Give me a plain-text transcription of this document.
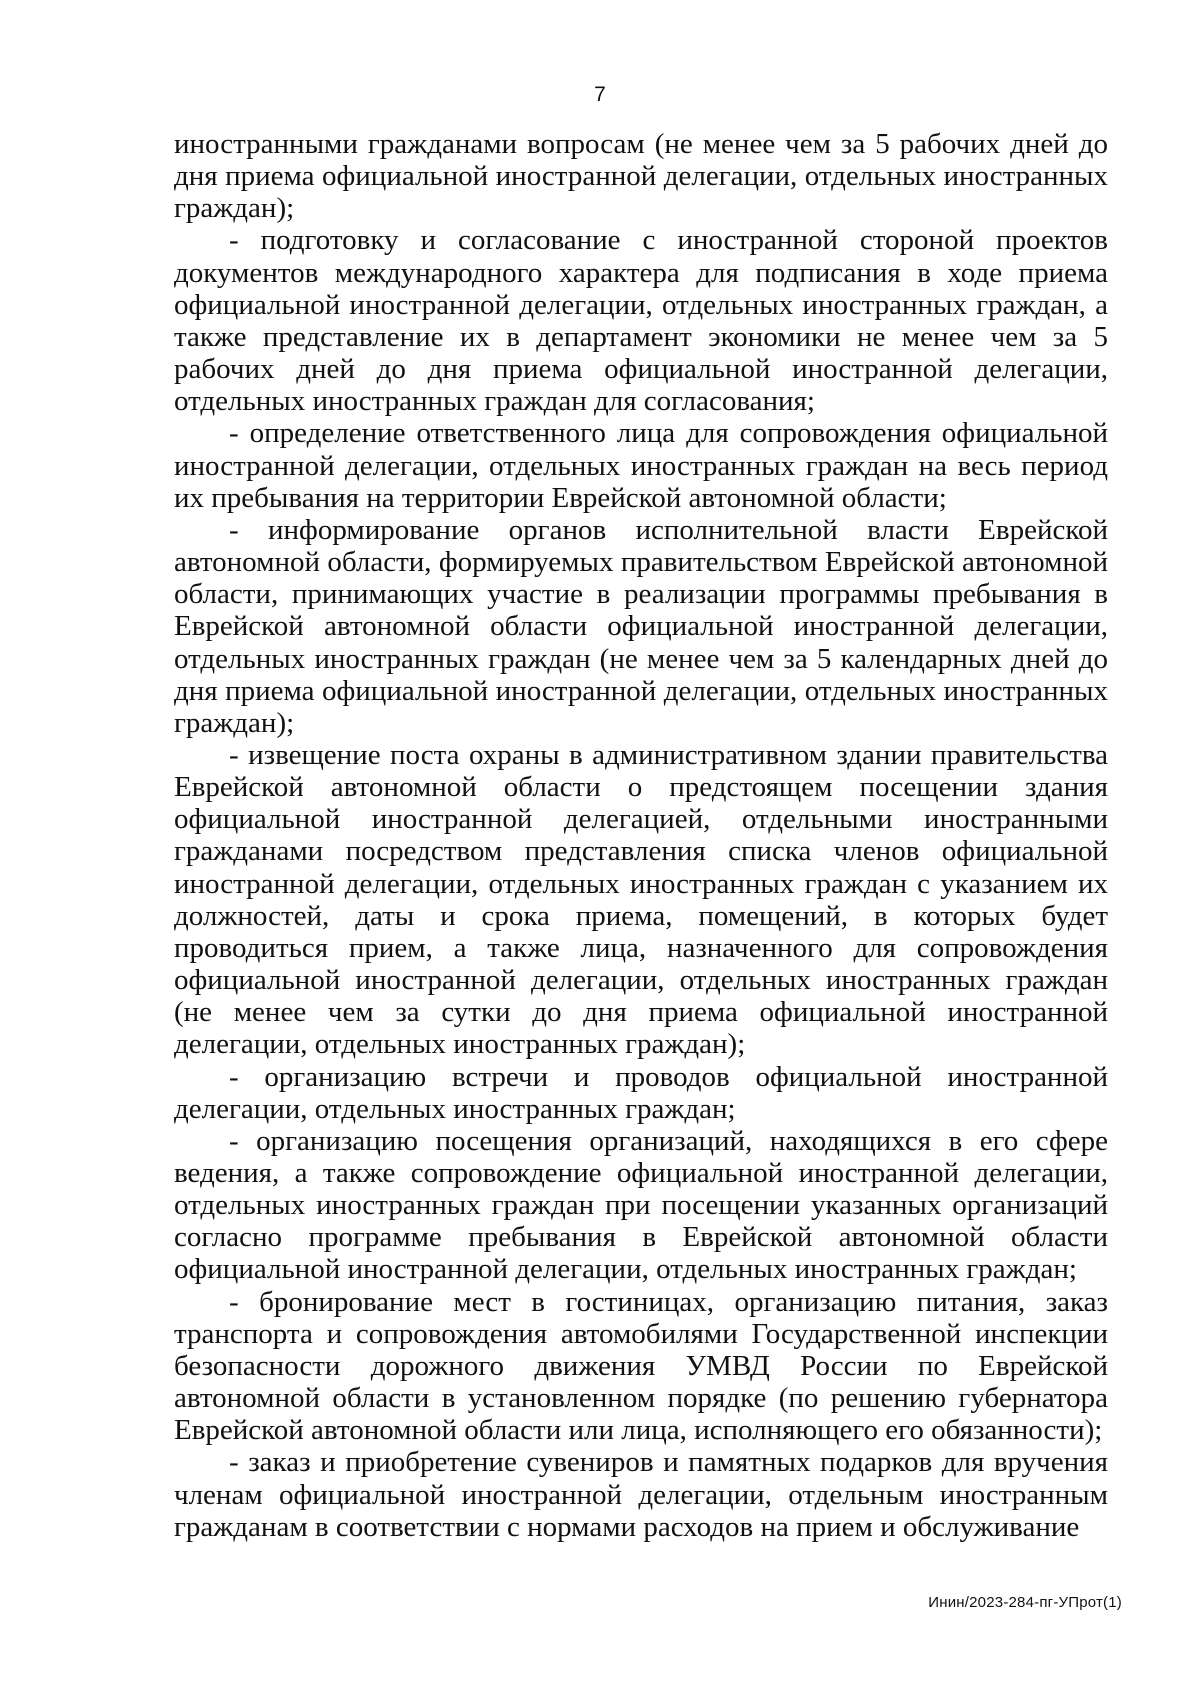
7

иностранными гражданами вопросам (не менее чем за 5 рабочих дней до дня приема официальной иностранной делегации, отдельных иностранных граждан);

- подготовку и согласование с иностранной стороной проектов документов международного характера для подписания в ходе приема официальной иностранной делегации, отдельных иностранных граждан, а также представление их в департамент экономики не менее чем за 5 рабочих дней до дня приема официальной иностранной делегации, отдельных иностранных граждан для согласования;

- определение ответственного лица для сопровождения официальной иностранной делегации, отдельных иностранных граждан на весь период их пребывания на территории Еврейской автономной области;

- информирование органов исполнительной власти Еврейской автономной области, формируемых правительством Еврейской автономной области, принимающих участие в реализации программы пребывания в Еврейской автономной области официальной иностранной делегации, отдельных иностранных граждан (не менее чем за 5 календарных дней до дня приема официальной иностранной делегации, отдельных иностранных граждан);

- извещение поста охраны в административном здании правительства Еврейской автономной области о предстоящем посещении здания официальной иностранной делегацией, отдельными иностранными гражданами посредством представления списка членов официальной иностранной делегации, отдельных иностранных граждан с указанием их должностей, даты и срока приема, помещений, в которых будет проводиться прием, а также лица, назначенного для сопровождения официальной иностранной делегации, отдельных иностранных граждан (не менее чем за сутки до дня приема официальной иностранной делегации, отдельных иностранных граждан);

- организацию встречи и проводов официальной иностранной делегации, отдельных иностранных граждан;

- организацию посещения организаций, находящихся в его сфере ведения, а также сопровождение официальной иностранной делегации, отдельных иностранных граждан при посещении указанных организаций согласно программе пребывания в Еврейской автономной области официальной иностранной делегации, отдельных иностранных граждан;

- бронирование мест в гостиницах, организацию питания, заказ транспорта и сопровождения автомобилями Государственной инспекции безопасности дорожного движения УМВД России по Еврейской автономной области в установленном порядке (по решению губернатора Еврейской автономной области или лица, исполняющего его обязанности);

- заказ и приобретение сувениров и памятных подарков для вручения членам официальной иностранной делегации, отдельным иностранным гражданам в соответствии с нормами расходов на прием и обслуживание

Инин/2023-284-пг-УПрот(1)
